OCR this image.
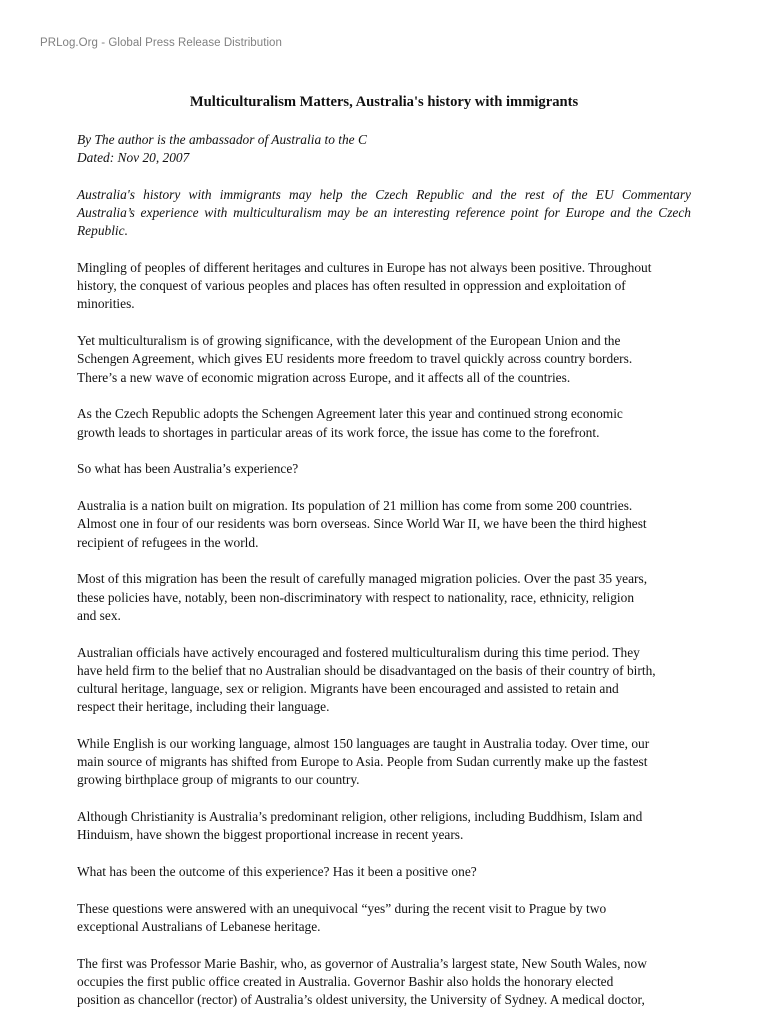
PRLog.Org - Global Press Release Distribution
Multiculturalism Matters, Australia's history with immigrants
By The author is the ambassador of Australia to the C
Dated: Nov 20, 2007
Australia's history with immigrants may help the Czech Republic and the rest of the EU Commentary Australia’s experience with multiculturalism may be an interesting reference point for Europe and the Czech Republic.
Mingling of peoples of different heritages and cultures in Europe has not always been positive. Throughout
history, the conquest of various peoples and places has often resulted in oppression and exploitation of
minorities.
Yet multiculturalism is of growing significance, with the development of the European Union and the
Schengen Agreement, which gives EU residents more freedom to travel quickly across country borders.
There’s a new wave of economic migration across Europe, and it affects all of the countries.
As the Czech Republic adopts the Schengen Agreement later this year and continued strong economic
growth leads to shortages in particular areas of its work force, the issue has come to the forefront.
So what has been Australia’s experience?
Australia is a nation built on migration. Its population of 21 million has come from some 200 countries.
Almost one in four of our residents was born overseas. Since World War II, we have been the third highest
recipient of refugees in the world.
Most of this migration has been the result of carefully managed migration policies. Over the past 35 years,
these policies have, notably, been non-discriminatory with respect to nationality, race, ethnicity, religion
and sex.
Australian officials have actively encouraged and fostered multiculturalism during this time period. They
have held firm to the belief that no Australian should be disadvantaged on the basis of their country of birth,
cultural heritage, language, sex or religion. Migrants have been encouraged and assisted to retain and
respect their heritage, including their language.
While English is our working language, almost 150 languages are taught in Australia today. Over time, our
main source of migrants has shifted from Europe to Asia. People from Sudan currently make up the fastest
growing birthplace group of migrants to our country.
Although Christianity is Australia’s predominant religion, other religions, including Buddhism, Islam and
Hinduism, have shown the biggest proportional increase in recent years.
What has been the outcome of this experience? Has it been a positive one?
These questions were answered with an unequivocal “yes” during the recent visit to Prague by two
exceptional Australians of Lebanese heritage.
The first was Professor Marie Bashir, who, as governor of Australia’s largest state, New South Wales, now
occupies the first public office created in Australia. Governor Bashir also holds the honorary elected
position as chancellor (rector) of Australia’s oldest university, the University of Sydney. A medical doctor,
